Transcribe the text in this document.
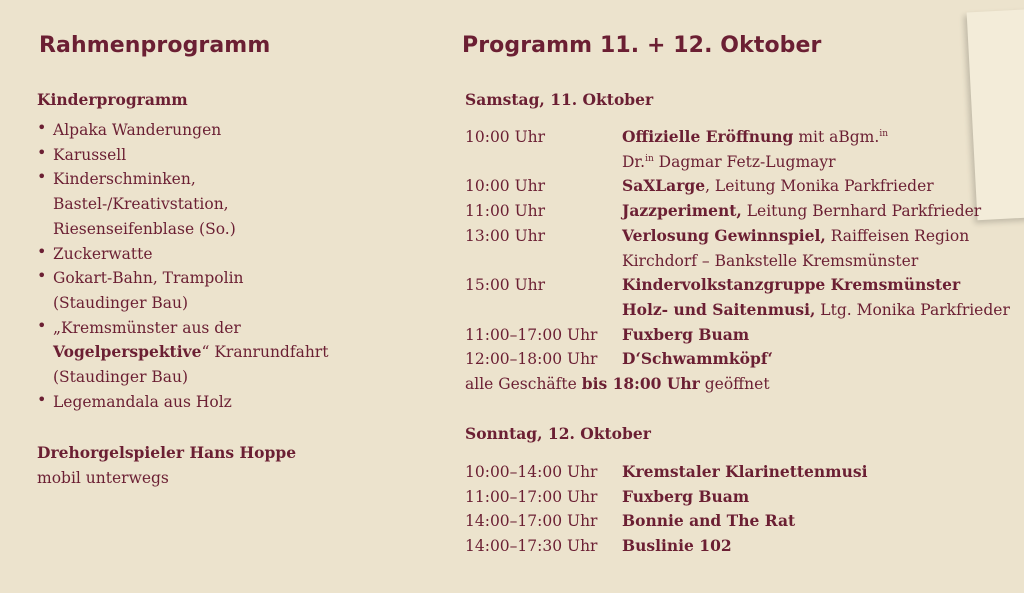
Rahmenprogramm
Kinderprogramm
• Alpaka Wanderungen
• Karussell
• Kinderschminken,
Bastel-/Kreativstation,
Riesenseifenblase (So.)
• Zuckerwatte
• Gokart-Bahn, Trampolin
(Staudinger Bau)
• „Kremsmünster aus der
Vogelperspektive“ Kranrundfahrt
(Staudinger Bau)
• Legemandala aus Holz
Drehorgelspieler Hans Hoppe
mobil unterwegs
Programm 11. + 12. Oktober
Samstag, 11. Oktober
10:00 Uhr	Offizielle Eröffnung mit aBgm.$^{in}$
Dr.$^{in}$ Dagmar Fetz-Lugmayr
10:00 Uhr	SaXLarge, Leitung Monika Parkfrieder
11:00 Uhr	Jazzperiment, Leitung Bernhard Parkfrieder
13:00 Uhr	Verlosung Gewinnspiel, Raiffeisen Region
Kirchdorf – Bankstelle Kremsmünster
15:00 Uhr	Kindervolkstanzgruppe Kremsmünster
Holz- und Saitenmusi, Ltg. Monika Parkfrieder
11:00–17:00 Uhr	Fuxberg Buam
12:00–18:00 Uhr	D‘Schwammköpf‘
alle Geschäfte bis 18:00 Uhr geöffnet
Sonntag, 12. Oktober
10:00–14:00 Uhr	Kremstaler Klarinettenmusi
11:00–17:00 Uhr	Fuxberg Buam
14:00–17:00 Uhr	Bonnie and The Rat
14:00–17:30 Uhr	Buslinie 102
